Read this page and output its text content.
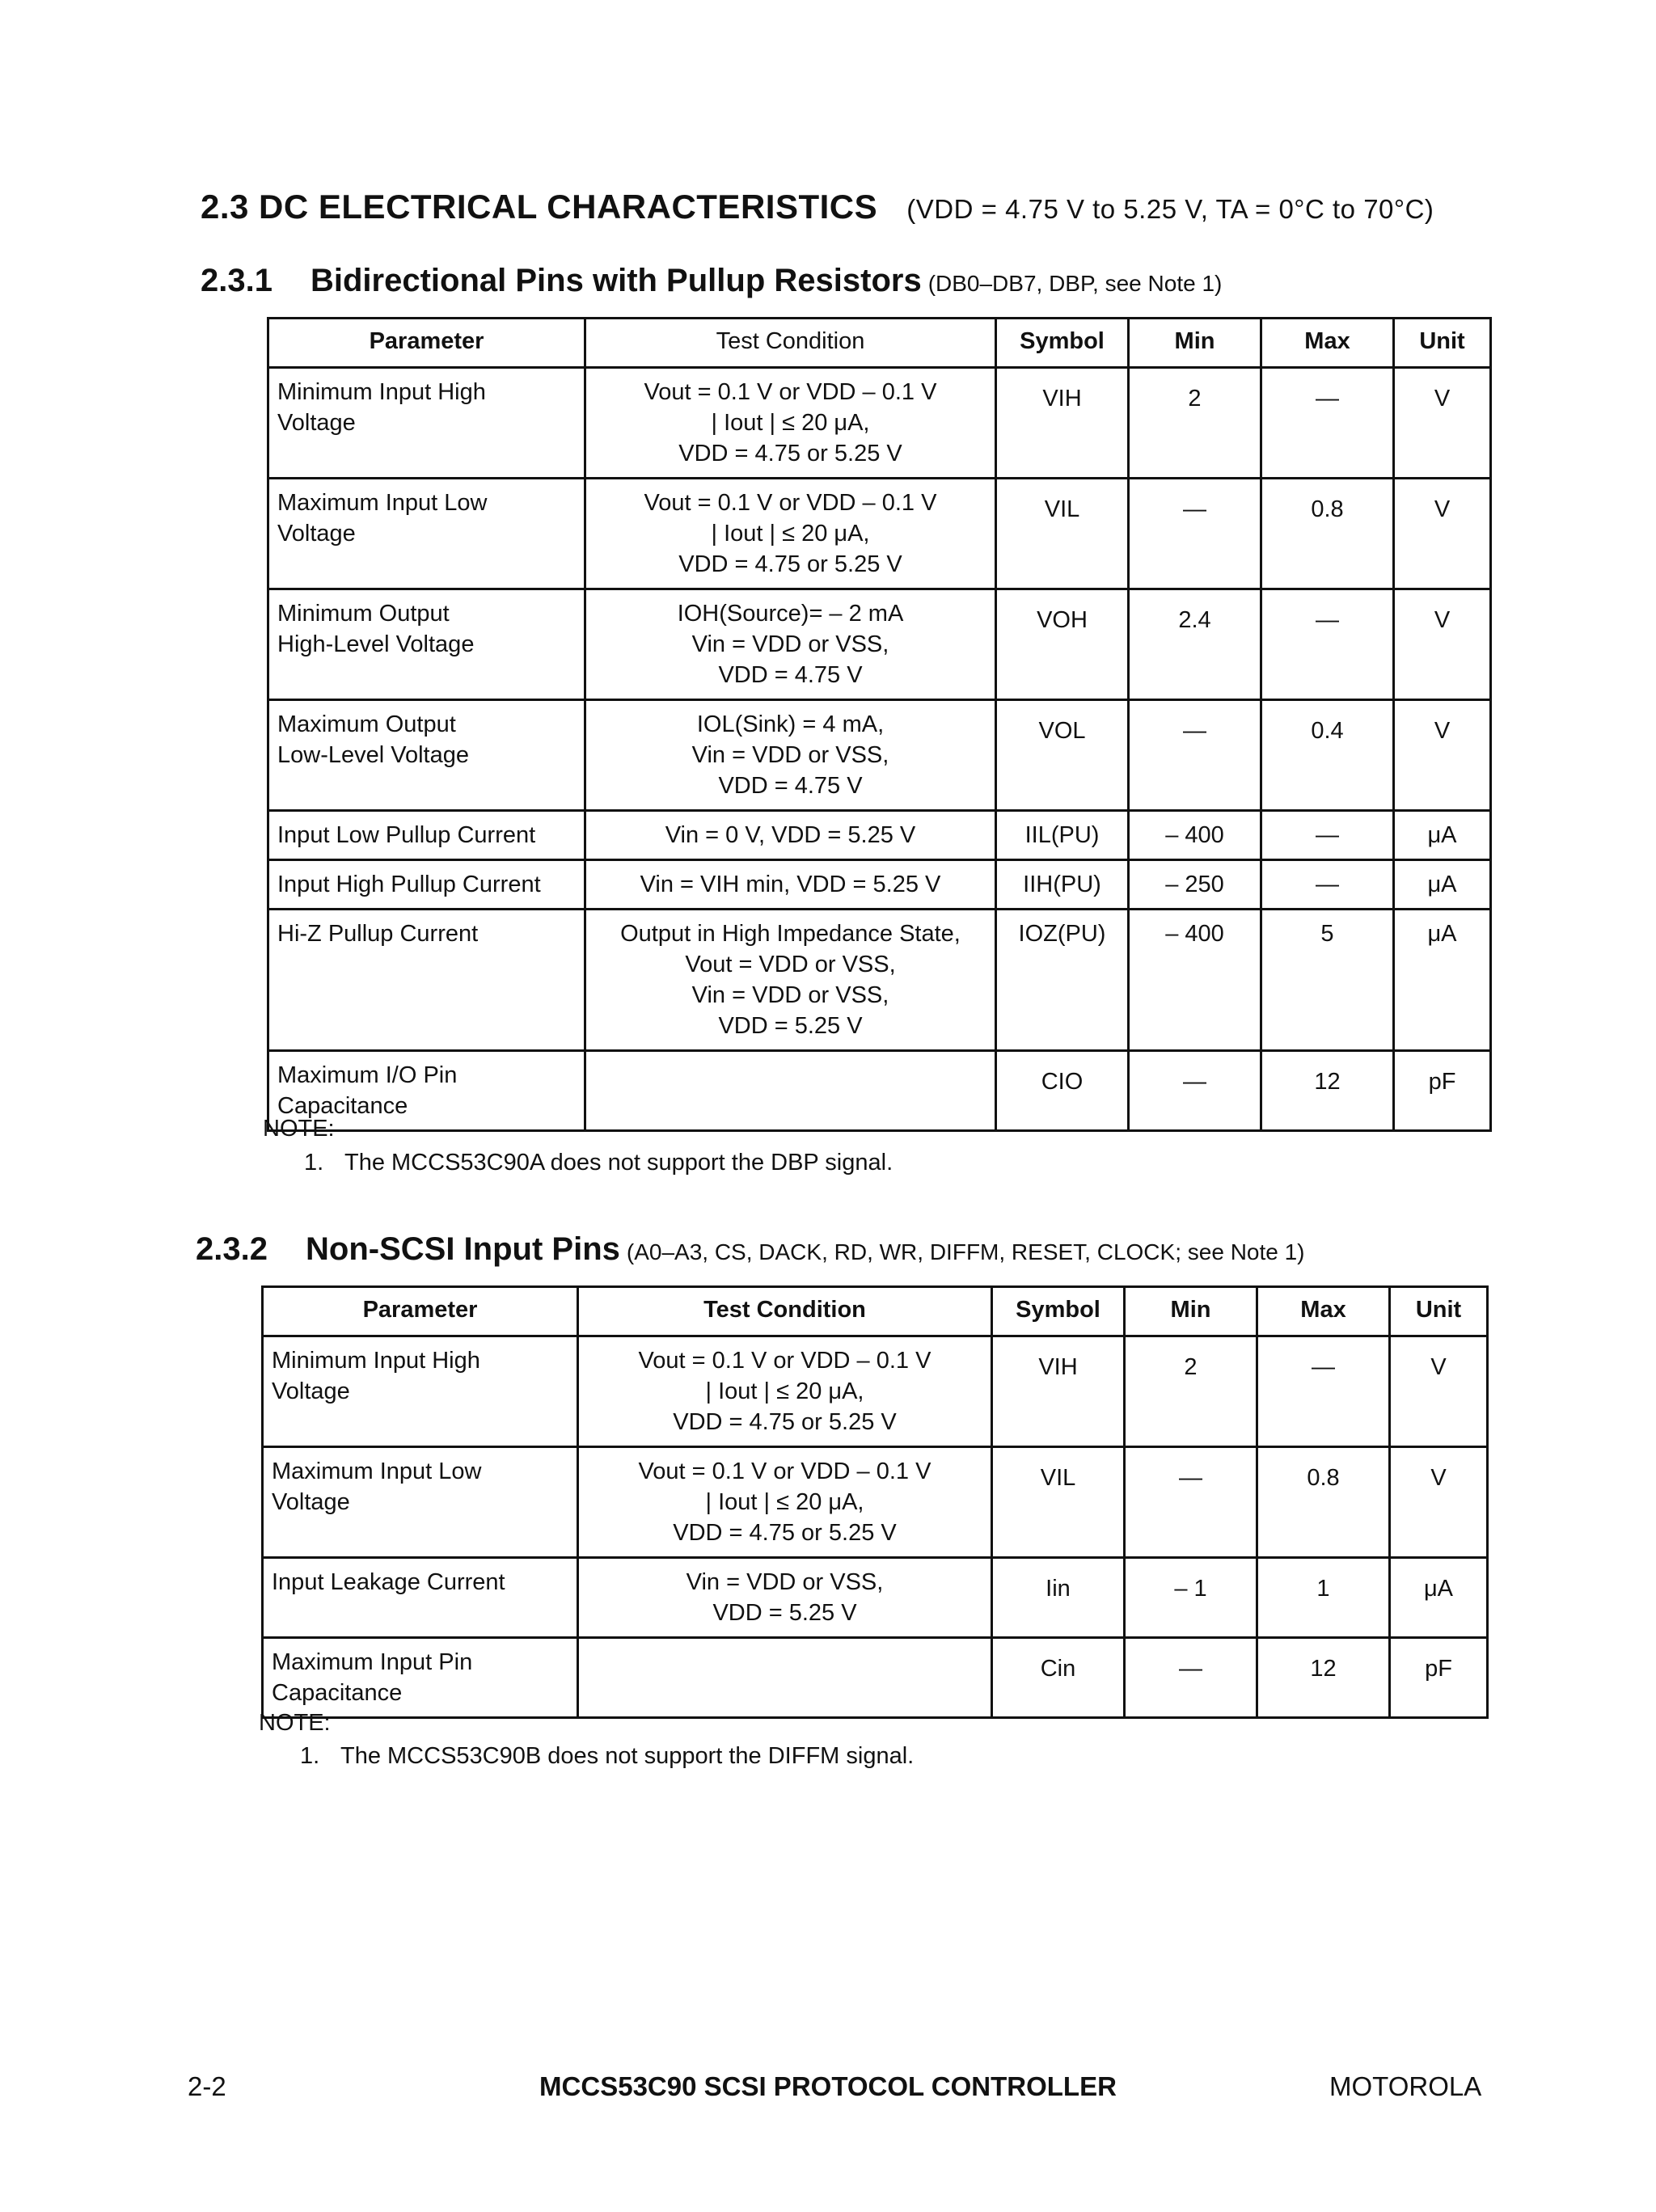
2.3 DC ELECTRICAL CHARACTERISTICS (VDD = 4.75 V to 5.25 V, TA = 0°C to 70°C)
2.3.1 Bidirectional Pins with Pullup Resistors (DB0–DB7, DBP, see Note 1)
Parameter	Test Condition	Symbol	Min	Max	Unit
Minimum Input High
Voltage	Vout = 0.1 V or VDD – 0.1 V
| Iout | ≤ 20 μA,
VDD = 4.75 or 5.25 V	VIH	2	—	V
Maximum Input Low
Voltage	Vout = 0.1 V or VDD – 0.1 V
| Iout | ≤ 20 μA,
VDD = 4.75 or 5.25 V	VIL	—	0.8	V
Minimum Output
High-Level Voltage	IOH(Source)= – 2 mA
Vin = VDD or VSS,
VDD = 4.75 V	VOH	2.4	—	V
Maximum Output
Low-Level Voltage	IOL(Sink) = 4 mA,
Vin = VDD or VSS,
VDD = 4.75 V	VOL	—	0.4	V
Input Low Pullup Current	Vin = 0 V, VDD = 5.25 V	IIL(PU)	– 400	—	μA
Input High Pullup Current	Vin = VIH min, VDD = 5.25 V	IIH(PU)	– 250	—	μA
Hi-Z Pullup Current	Output in High Impedance State,
Vout = VDD or VSS,
Vin = VDD or VSS,
VDD = 5.25 V	IOZ(PU)	– 400	5	μA
Maximum I/O Pin
Capacitance		CIO	—	12	pF
NOTE:
1. The MCCS53C90A does not support the DBP signal.
2.3.2 Non-SCSI Input Pins (A0–A3, CS, DACK, RD, WR, DIFFM, RESET, CLOCK; see Note 1)
Parameter	Test Condition	Symbol	Min	Max	Unit
Minimum Input High
Voltage	Vout = 0.1 V or VDD – 0.1 V
| Iout | ≤ 20 μA,
VDD = 4.75 or 5.25 V	VIH	2	—	V
Maximum Input Low
Voltage	Vout = 0.1 V or VDD – 0.1 V
| Iout | ≤ 20 μA,
VDD = 4.75 or 5.25 V	VIL	—	0.8	V
Input Leakage Current	Vin = VDD or VSS,
VDD = 5.25 V	Iin	– 1	1	μA
Maximum Input Pin
Capacitance		Cin	—	12	pF
NOTE:
1. The MCCS53C90B does not support the DIFFM signal.
2-2	MCCS53C90 SCSI PROTOCOL CONTROLLER	MOTOROLA
